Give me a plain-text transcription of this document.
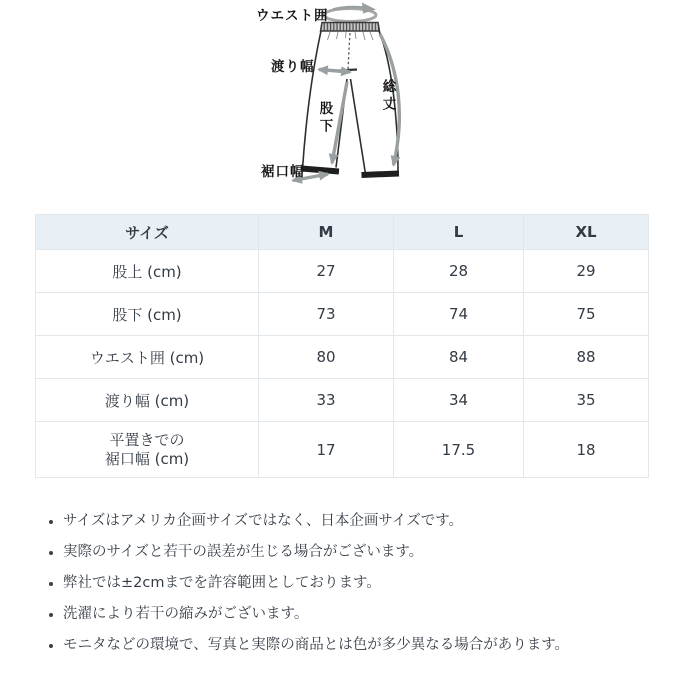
ウエスト囲
渡り幅
総丈
股下
裾口幅
サイズ	M	L	XL
股上 (cm)	27	28	29
股下 (cm)	73	74	75
ウエスト囲 (cm)	80	84	88
渡り幅 (cm)	33	34	35

平置きでの
裾口幅 (cm)	17	17.5	18
サイズはアメリカ企画サイズではなく、日本企画サイズです。
実際のサイズと若干の誤差が生じる場合がございます。
弊社では±2cmまでを許容範囲としております。
洗濯により若干の縮みがございます。
モニタなどの環境で、写真と実際の商品とは色が多少異なる場合があります。
